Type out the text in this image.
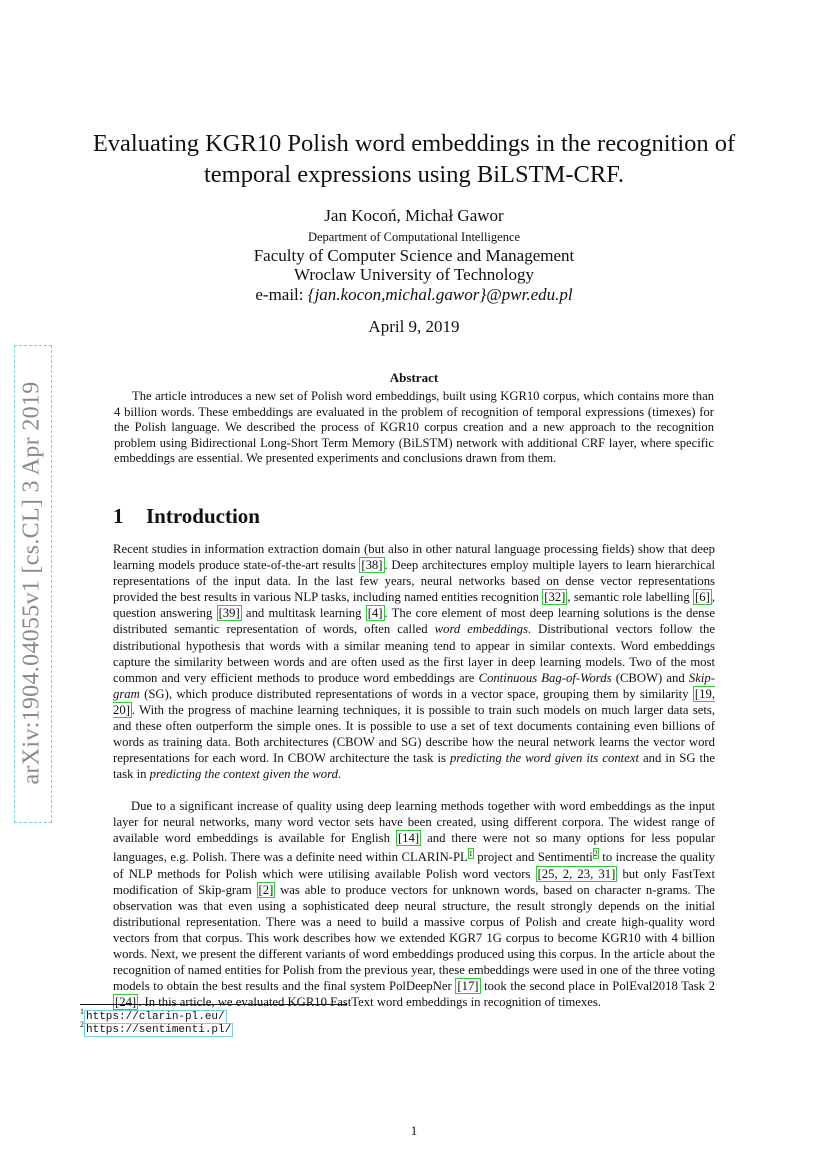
arXiv:1904.04055v1 [cs.CL] 3 Apr 2019
Evaluating KGR10 Polish word embeddings in the recognition of
temporal expressions using BiLSTM-CRF.
Jan Kocoń, Michał Gawor
Department of Computational Intelligence
Faculty of Computer Science and Management
Wroclaw University of Technology
e-mail: {jan.kocon,michal.gawor}@pwr.edu.pl
April 9, 2019
Abstract

The article introduces a new set of Polish word embeddings, built using KGR10 corpus, which contains more than 4 billion words. These embeddings are evaluated in the problem of recognition of temporal expressions (timexes) for the Polish language. We described the process of KGR10 corpus creation and a new approach to the recognition problem using Bidirectional Long-Short Term Memory (BiLSTM) network with additional CRF layer, where specific embeddings are essential. We presented experiments and conclusions drawn from them.

1 Introduction

Recent studies in information extraction domain (but also in other natural language processing fields) show that deep learning models produce state-of-the-art results [38] . Deep architectures employ multiple layers to learn hierarchical representations of the input data. In the last few years, neural networks based on dense vector representations provided the best results in various NLP tasks, including named entities recognition [32] , semantic role labelling [6] , question answering [39] and multitask learning [4] . The core element of most deep learning solutions is the dense distributed semantic representation of words, often called word embeddings. Distributional vectors follow the distributional hypothesis that words with a similar meaning tend to appear in similar contexts. Word embeddings capture the similarity between words and are often used as the first layer in deep learning models. Two of the most common and very efficient methods to produce word embeddings are Continuous Bag-of-Words (CBOW) and Skip-gram (SG), which produce distributed representations of words in a vector space, grouping them by similarity [19, 20] . With the progress of machine learning techniques, it is possible to train such models on much larger data sets, and these often outperform the simple ones. It is possible to use a set of text documents containing even billions of words as training data. Both architectures (CBOW and SG) describe how the neural network learns the vector word representations for each word. In CBOW architecture the task is predicting the word given its context and in SG the task in predicting the context given the word.

Due to a significant increase of quality using deep learning methods together with word embeddings as the input layer for neural networks, many word vector sets have been created, using different corpora. The widest range of available word embeddings is available for English [14] and there were not so many options for less popular languages, e.g. Polish. There was a definite need within CLARIN-$PL^1$ project and Sentimenti$^2$ to increase the quality of NLP methods for Polish which were utilising available Polish word vectors [25, 2, 23, 31] but only FastText modification of Skip-gram [2] was able to produce vectors for unknown words, based on character n-grams. The observation was that even using a sophisticated deep neural structure, the result strongly depends on the initial distributional representation. There was a need to build a massive corpus of Polish and create high-quality word vectors from that corpus. This work describes how we extended KGR7 1G corpus to become KGR10 with 4 billion words. Next, we present the different variants of word embeddings produced using this corpus. In the article about the recognition of named entities for Polish from the previous year, these embeddings were used in one of the three voting models to obtain the best results and the final system PolDeepNer [17] took the second place in PolEval2018 Task 2 [24] . In this article, we evaluated KGR10 FastText word embeddings in recognition of timexes.

$^1$ https://clarin-pl.eu/
$^2$ https://sentimenti.pl/
1
